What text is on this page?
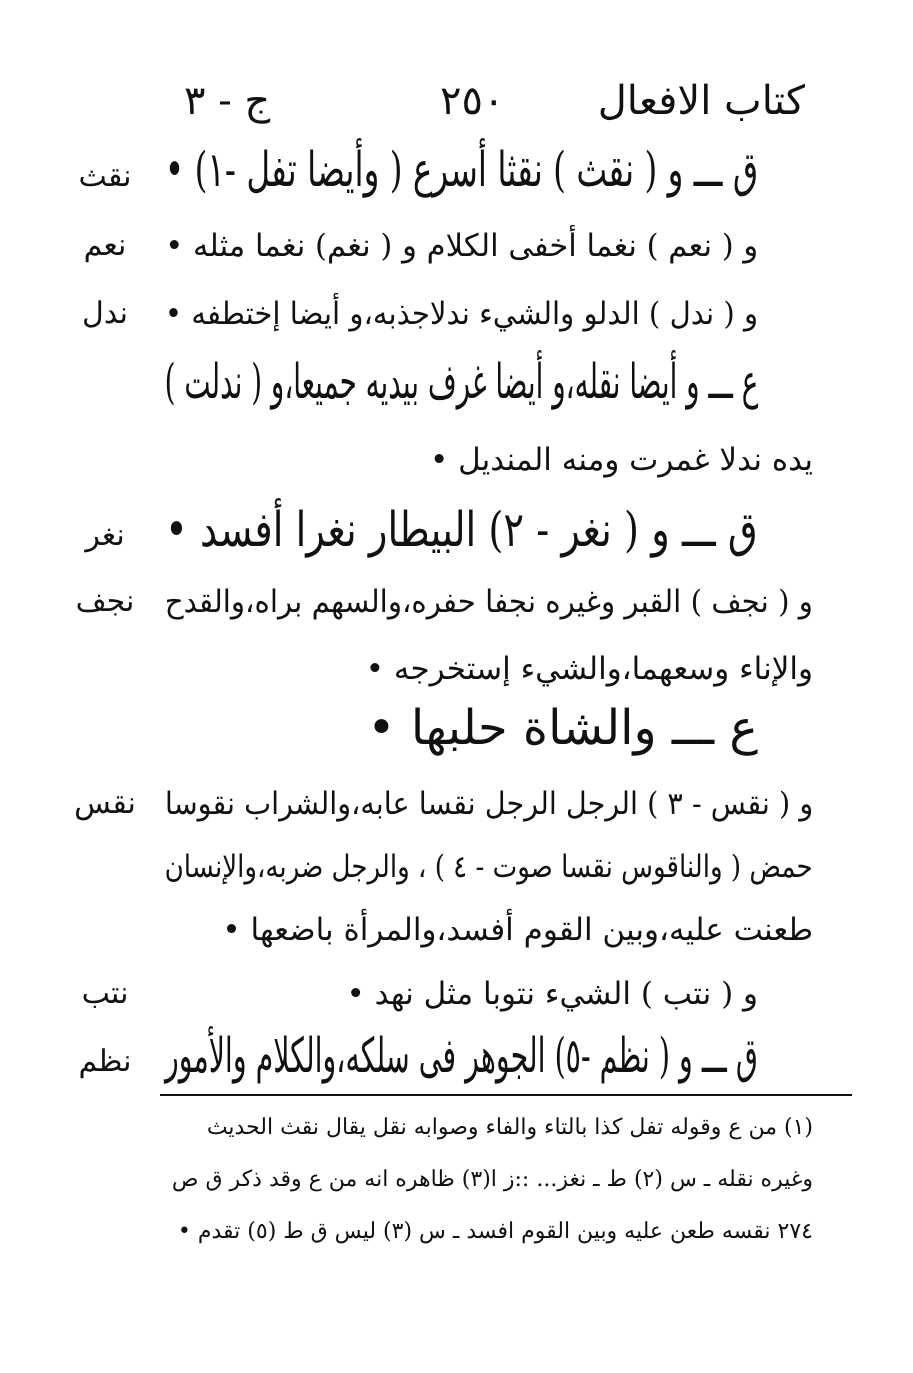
كتاب الافعال
٢٥٠
ج - ٣
ق ـــ و ( نقث ) نقثا أسرع ( وأيضا تفل -١) •
نقث
و ( نعم ) نغما أخفى الكلام و ( نغم) نغما مثله •
نعم
و ( ندل ) الدلو والشيء ندلاجذبه،و أيضا إختطفه •
ندل
ع ـــ و أيضا نقله،و أيضا غرف بيديه جميعا،و ( ندلت )
يده ندلا غمرت ومنه المنديل •
ق ـــ و ( نغر - ٢) البيطار نغرا أفسد •
نغر
و ( نجف ) القبر وغيره نجفا حفره،والسهم براه،والقدح
نجف
والإناء وسعهما،والشيء إستخرجه •
ع ـــ والشاة حلبها •
و ( نقس - ٣ ) الرجل الرجل نقسا عابه،والشراب نقوسا
نقس
حمض ( والناقوس نقسا صوت - ٤ ) ، والرجل ضربه،والإنسان
طعنت عليه،وبين القوم أفسد،والمرأة باضعها •
و ( نتب ) الشيء نتوبا مثل نهد •
نتب
ق ـــ و ( نظم -٥) الجوهر فى سلكه،والكلام والأمور
نظم
(١) من ع وقوله تفل كذا بالتاء والفاء وصوابه نقل يقال نقث الحديث
وغيره نقله ـ س (٢) ط ـ نغز... ::ز ا(٣) ظاهره انه من ع وقد ذكر ق ص
٢٧٤ نقسه طعن عليه وبين القوم افسد ـ س (٣) ليس ق ط (٥) تقدم •
